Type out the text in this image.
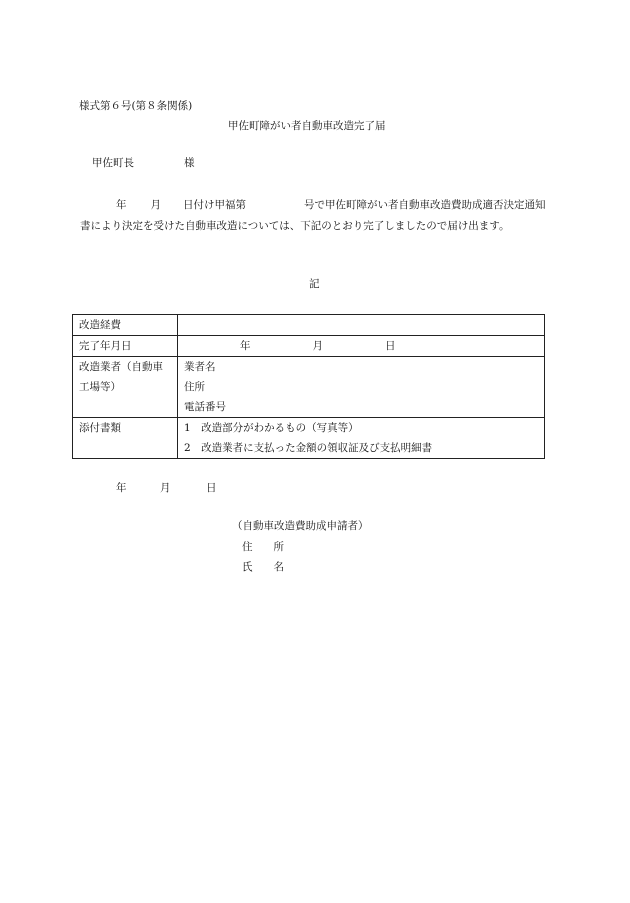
様式第６号(第８条関係)
甲佐町障がい者自動車改造完了届
甲佐町長	様
年 月 日付け甲福第	号で甲佐町障がい者自動車改造費助成適否決定通知書により決定を受けた自動車改造については、下記のとおり完了しましたので届け出ます。
記
改造経費	
完了年月日	年 月 日

改造業者（自動車
工場等）	業者名
住所
電話番号

添付書類	1　改造部分がわかるもの（写真等）
2　改造業者に支払った金額の領収証及び支払明細書
年	月	日
（自動車改造費助成申請者）
住　　所
氏　　名
